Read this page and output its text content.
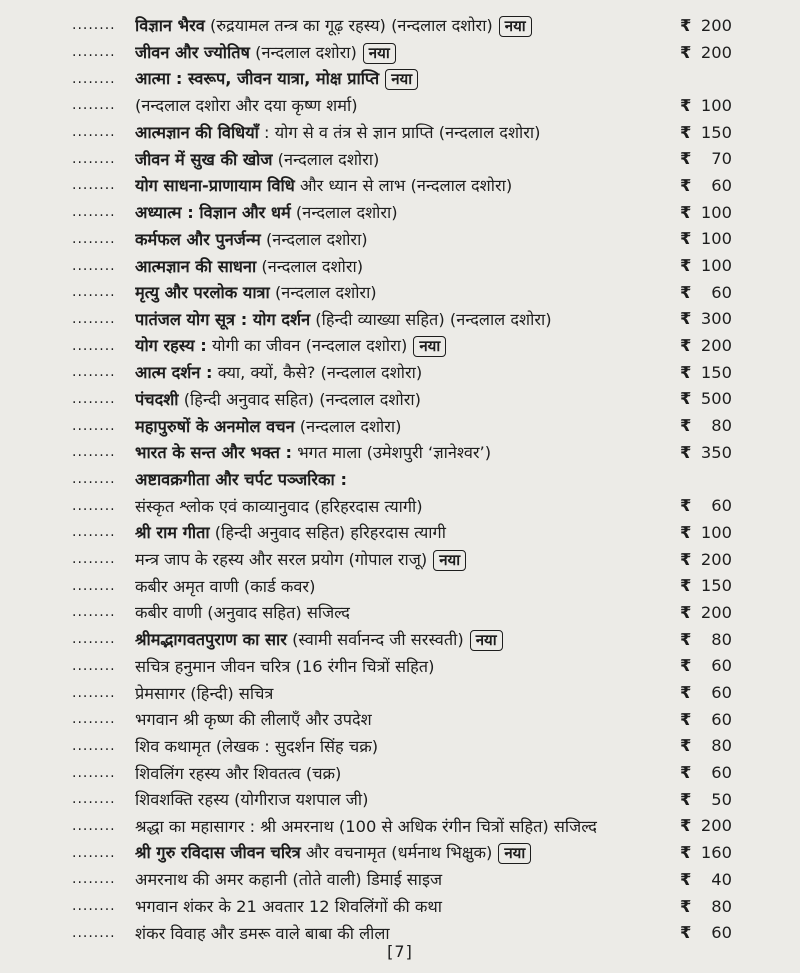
........	विज्ञान भैरव (रुद्रयामल तन्त्र का गूढ़ रहस्य) (नन्दलाल दशोरा) नया	₹ 200
........	जीवन और ज्योतिष (नन्दलाल दशोरा) नया	₹ 200
........	आत्मा : स्वरूप, जीवन यात्रा, मोक्ष प्राप्ति नया
........	(नन्दलाल दशोरा और दया कृष्ण शर्मा)	₹ 100
........	आत्मज्ञान की विधियाँ : योग से व तंत्र से ज्ञान प्राप्ति (नन्दलाल दशोरा)	₹ 150
........	जीवन में सुख की खोज (नन्दलाल दशोरा)	₹ 70
........	योग साधना-प्राणायाम विधि और ध्यान से लाभ (नन्दलाल दशोरा)	₹ 60
........	अध्यात्म : विज्ञान और धर्म (नन्दलाल दशोरा)	₹ 100
........	कर्मफल और पुनर्जन्म (नन्दलाल दशोरा)	₹ 100
........	आत्मज्ञान की साधना (नन्दलाल दशोरा)	₹ 100
........	मृत्यु और परलोक यात्रा (नन्दलाल दशोरा)	₹ 60
........	पातंजल योग सूत्र : योग दर्शन (हिन्दी व्याख्या सहित) (नन्दलाल दशोरा)	₹ 300
........	योग रहस्य : योगी का जीवन (नन्दलाल दशोरा) नया	₹ 200
........	आत्म दर्शन : क्या, क्यों, कैसे? (नन्दलाल दशोरा)	₹ 150
........	पंचदशी (हिन्दी अनुवाद सहित) (नन्दलाल दशोरा)	₹ 500
........	महापुरुषों के अनमोल वचन (नन्दलाल दशोरा)	₹ 80
........	भारत के सन्त और भक्त : भगत माला (उमेशपुरी ‘ज्ञानेश्वर’)	₹ 350
........	अष्टावक्रगीता और चर्पट पञ्जरिका :
........	संस्कृत श्लोक एवं काव्यानुवाद (हरिहरदास त्यागी)	₹ 60
........	श्री राम गीता (हिन्दी अनुवाद सहित) हरिहरदास त्यागी	₹ 100
........	मन्त्र जाप के रहस्य और सरल प्रयोग (गोपाल राजू) नया	₹ 200
........	कबीर अमृत वाणी (कार्ड कवर)	₹ 150
........	कबीर वाणी (अनुवाद सहित) सजिल्द	₹ 200
........	श्रीमद्भागवतपुराण का सार (स्वामी सर्वानन्द जी सरस्वती) नया	₹ 80
........	सचित्र हनुमान जीवन चरित्र (16 रंगीन चित्रों सहित)	₹ 60
........	प्रेमसागर (हिन्दी) सचित्र	₹ 60
........	भगवान श्री कृष्ण की लीलाएँ और उपदेश	₹ 60
........	शिव कथामृत (लेखक : सुदर्शन सिंह चक्र)	₹ 80
........	शिवलिंग रहस्य और शिवतत्व (चक्र)	₹ 60
........	शिवशक्ति रहस्य (योगीराज यशपाल जी)	₹ 50
........	श्रद्धा का महासागर : श्री अमरनाथ (100 से अधिक रंगीन चित्रों सहित) सजिल्द	₹ 200
........	श्री गुरु रविदास जीवन चरित्र और वचनामृत (धर्मनाथ भिक्षुक) नया	₹ 160
........	अमरनाथ की अमर कहानी (तोते वाली) डिमाई साइज	₹ 40
........	भगवान शंकर के 21 अवतार 12 शिवलिंगों की कथा	₹ 80
........	शंकर विवाह और डमरू वाले बाबा की लीला	₹ 60
[7]
